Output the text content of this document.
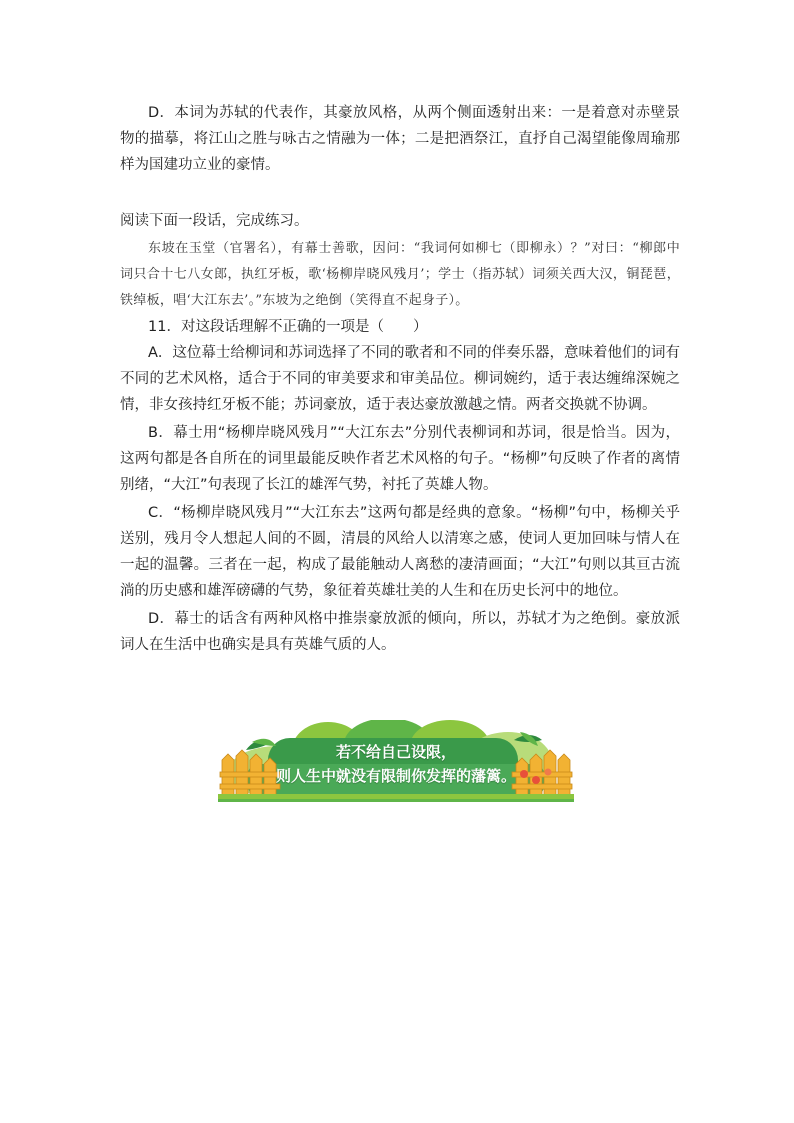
D．本词为苏轼的代表作，其豪放风格，从两个侧面透射出来：一是着意对赤壁景物的描摹，将江山之胜与咏古之情融为一体；二是把酒祭江，直抒自己渴望能像周瑜那样为国建功立业的豪情。

阅读下面一段话，完成练习。

东坡在玉堂（官署名），有幕士善歌，因问：“我词何如柳七（即柳永）？”对曰：“柳郎中词只合十七八女郎，执红牙板，歌‘杨柳岸晓风残月’；学士（指苏轼）词须关西大汉，铜琵琶，铁绰板，唱‘大江东去’。”东坡为之绝倒（笑得直不起身子）。

11．对这段话理解不正确的一项是（　　）

A．这位幕士给柳词和苏词选择了不同的歌者和不同的伴奏乐器，意味着他们的词有不同的艺术风格，适合于不同的审美要求和审美品位。柳词婉约，适于表达缠绵深婉之情，非女孩持红牙板不能；苏词豪放，适于表达豪放激越之情。两者交换就不协调。

B．幕士用“杨柳岸晓风残月”“大江东去”分别代表柳词和苏词，很是恰当。因为，这两句都是各自所在的词里最能反映作者艺术风格的句子。“杨柳”句反映了作者的离情别绪，“大江”句表现了长江的雄浑气势，衬托了英雄人物。

C．“杨柳岸晓风残月”“大江东去”这两句都是经典的意象。“杨柳”句中，杨柳关乎送别，残月令人想起人间的不圆，清晨的风给人以清寒之感，使词人更加回味与情人在一起的温馨。三者在一起，构成了最能触动人离愁的凄清画面；“大江”句则以其亘古流淌的历史感和雄浑磅礴的气势，象征着英雄壮美的人生和在历史长河中的地位。

D．幕士的话含有两种风格中推崇豪放派的倾向，所以，苏轼才为之绝倒。豪放派词人在生活中也确实是具有英雄气质的人。

若不给自己设限，
则人生中就没有限制你发挥的藩篱。
